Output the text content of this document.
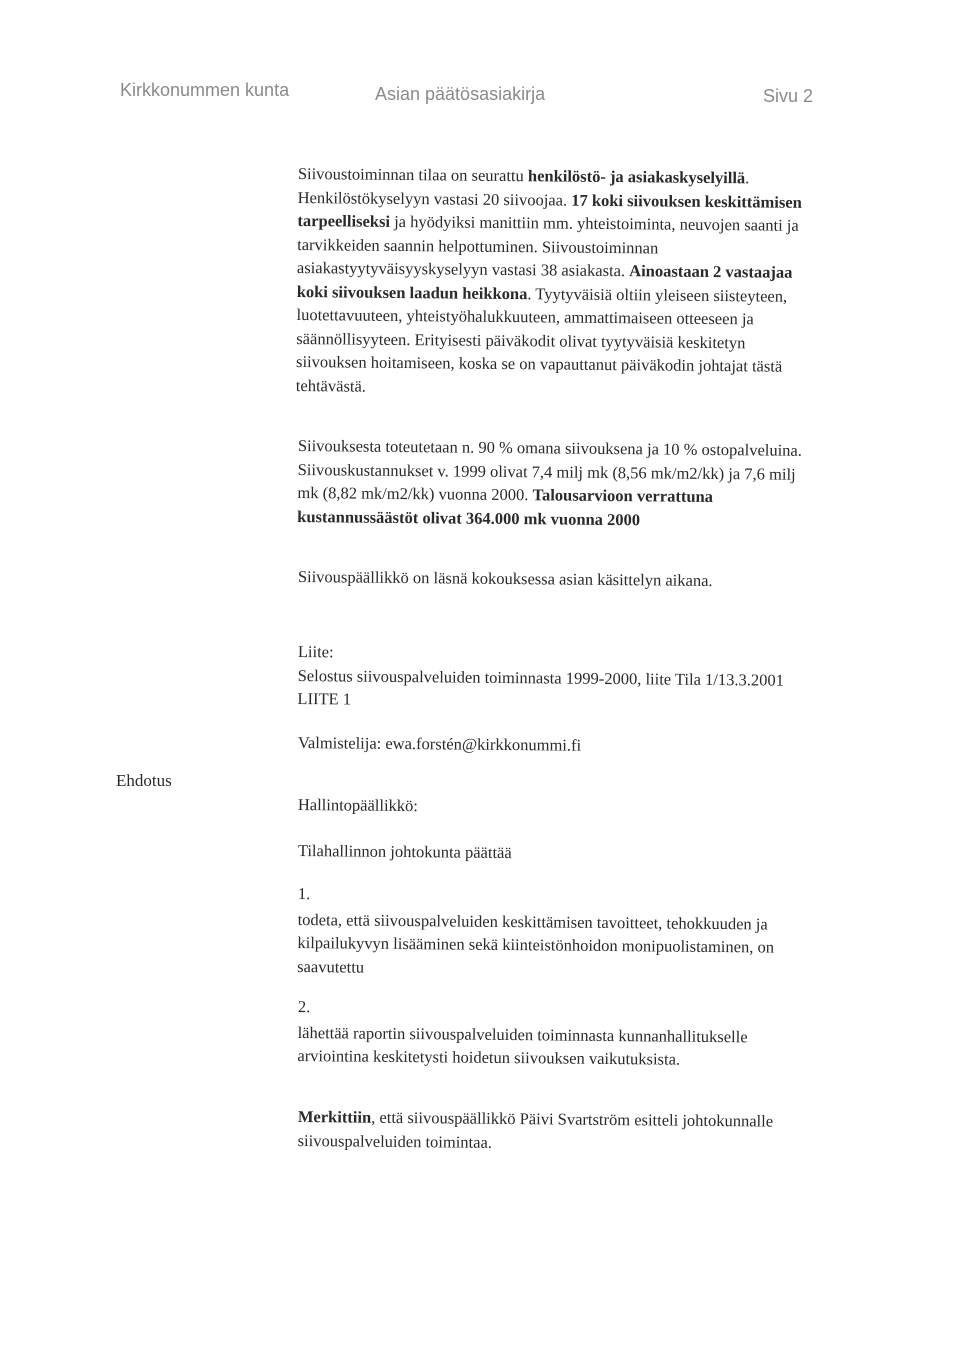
Kirkkonummen kunta	Asian päätösasiakirja	Sivu 2

Siivoustoiminnan tilaa on seurattu henkilöstö- ja asiakaskyselyillä. Henkilöstökyselyyn vastasi 20 siivoojaa. 17 koki siivouksen keskittämisen tarpeelliseksi ja hyödyiksi manittiin mm. yhteistoiminta, neuvojen saanti ja tarvikkeiden saannin helpottuminen. Siivoustoiminnan asiakastyytyväisyyskyselyyn vastasi 38 asiakasta. Ainoastaan 2 vastaajaa koki siivouksen laadun heikkona. Tyytyväisiä oltiin yleiseen siisteyteen, luotettavuuteen, yhteistyöhalukkuuteen, ammattimaiseen otteeseen ja säännöllisyyteen. Erityisesti päiväkodit olivat tyytyväisiä keskitetyn siivouksen hoitamiseen, koska se on vapauttanut päiväkodin johtajat tästä tehtävästä.

Siivouksesta toteutetaan n. 90 % omana siivouksena ja 10 % ostopalveluina. Siivouskustannukset v. 1999 olivat 7,4 milj mk (8,56 mk/m2/kk) ja 7,6 milj mk (8,82 mk/m2/kk) vuonna 2000. Talousarvioon verrattuna kustannussäästöt olivat 364.000 mk vuonna 2000

Siivouspäällikkö on läsnä kokouksessa asian käsittelyn aikana.

Liite:

Selostus siivouspalveluiden toiminnasta 1999-2000, liite Tila 1/13.3.2001 LIITE 1

Valmistelija: ewa.forstén@kirkkonummi.fi

Ehdotus

Hallintopäällikkö:

Tilahallinnon johtokunta päättää

1.

todeta, että siivouspalveluiden keskittämisen tavoitteet, tehokkuuden ja kilpailukyvyn lisääminen sekä kiinteistönhoidon monipuolistaminen, on saavutettu

2.

lähettää raportin siivouspalveluiden toiminnasta kunnanhallitukselle arviointina keskitetysti hoidetun siivouksen vaikutuksista.

Merkittiin, että siivouspäällikkö Päivi Svartström esitteli johtokunnalle siivouspalveluiden toimintaa.
